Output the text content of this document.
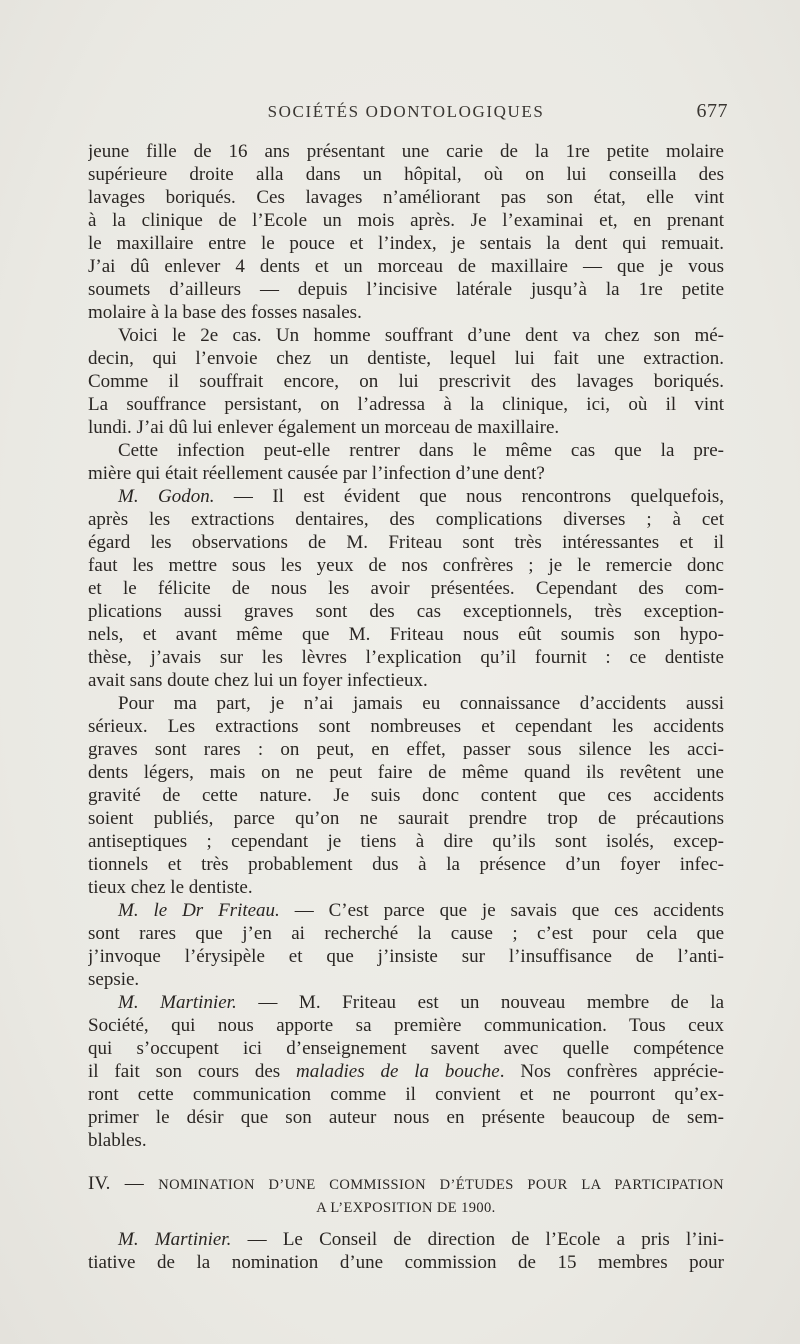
SOCIÉTÉS ODONTOLOGIQUES	677
jeune fille de 16 ans présentant une carie de la 1re petite molaire
supérieure droite alla dans un hôpital, où on lui conseilla des
lavages boriqués. Ces lavages n’améliorant pas son état, elle vint
à la clinique de l’Ecole un mois après. Je l’examinai et, en prenant
le maxillaire entre le pouce et l’index, je sentais la dent qui remuait.
J’ai dû enlever 4 dents et un morceau de maxillaire — que je vous
soumets d’ailleurs — depuis l’incisive latérale jusqu’à la 1re petite
molaire à la base des fosses nasales.
Voici le 2e cas. Un homme souffrant d’une dent va chez son mé-
decin, qui l’envoie chez un dentiste, lequel lui fait une extraction.
Comme il souffrait encore, on lui prescrivit des lavages boriqués.
La souffrance persistant, on l’adressa à la clinique, ici, où il vint
lundi. J’ai dû lui enlever également un morceau de maxillaire.
Cette infection peut-elle rentrer dans le même cas que la pre-
mière qui était réellement causée par l’infection d’une dent?
M. Godon. — Il est évident que nous rencontrons quelquefois,
après les extractions dentaires, des complications diverses ; à cet
égard les observations de M. Friteau sont très intéressantes et il
faut les mettre sous les yeux de nos confrères ; je le remercie donc
et le félicite de nous les avoir présentées. Cependant des com-
plications aussi graves sont des cas exceptionnels, très exception-
nels, et avant même que M. Friteau nous eût soumis son hypo-
thèse, j’avais sur les lèvres l’explication qu’il fournit : ce dentiste
avait sans doute chez lui un foyer infectieux.
Pour ma part, je n’ai jamais eu connaissance d’accidents aussi
sérieux. Les extractions sont nombreuses et cependant les accidents
graves sont rares : on peut, en effet, passer sous silence les acci-
dents légers, mais on ne peut faire de même quand ils revêtent une
gravité de cette nature. Je suis donc content que ces accidents
soient publiés, parce qu’on ne saurait prendre trop de précautions
antiseptiques ; cependant je tiens à dire qu’ils sont isolés, excep-
tionnels et très probablement dus à la présence d’un foyer infec-
tieux chez le dentiste.
M. le Dr Friteau. — C’est parce que je savais que ces accidents
sont rares que j’en ai recherché la cause ; c’est pour cela que
j’invoque l’érysipèle et que j’insiste sur l’insuffisance de l’anti-
sepsie.
M. Martinier. — M. Friteau est un nouveau membre de la
Société, qui nous apporte sa première communication. Tous ceux
qui s’occupent ici d’enseignement savent avec quelle compétence
il fait son cours des maladies de la bouche. Nos confrères apprécie-
ront cette communication comme il convient et ne pourront qu’ex-
primer le désir que son auteur nous en présente beaucoup de sem-
blables.
IV. — NOMINATION D’UNE COMMISSION D’ÉTUDES POUR LA PARTICIPATION
A L’EXPOSITION DE 1900.
M. Martinier. — Le Conseil de direction de l’Ecole a pris l’ini-
tiative de la nomination d’une commission de 15 membres pour
